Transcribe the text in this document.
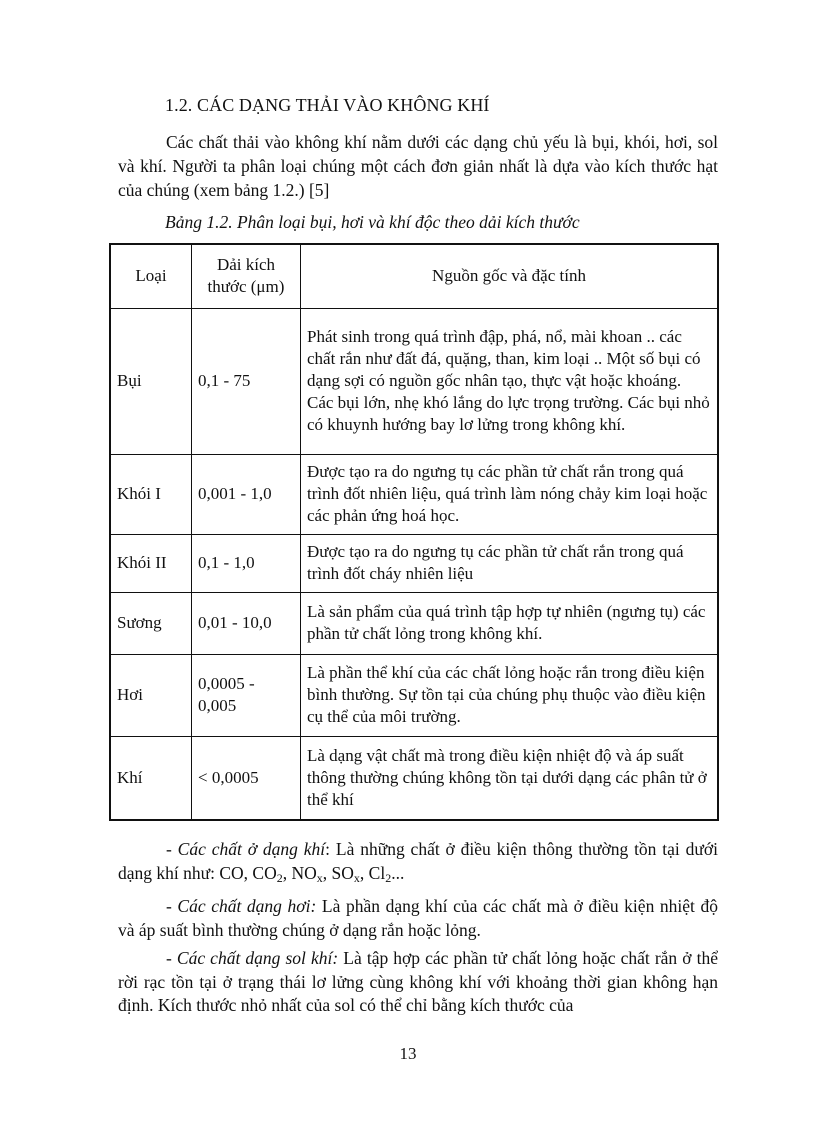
1.2. CÁC DẠNG THẢI VÀO KHÔNG KHÍ

Các chất thải vào không khí nằm dưới các dạng chủ yếu là bụi, khói, hơi, sol và khí. Người ta phân loại chúng một cách đơn giản nhất là dựa vào kích thước hạt của chúng (xem bảng 1.2.) [5]

Bảng 1.2. Phân loại bụi, hơi và khí độc theo dải kích thước
Loại	Dải kích thước (μm)	Nguồn gốc và đặc tính
Bụi	0,1 - 75	Phát sinh trong quá trình đập, phá, nổ, mài khoan .. các chất rắn như đất đá, quặng, than, kim loại .. Một số bụi có dạng sợi có nguồn gốc nhân tạo, thực vật hoặc khoáng. Các bụi lớn, nhẹ khó lắng do lực trọng trường. Các bụi nhỏ có khuynh hướng bay lơ lửng trong không khí.
Khói I	0,001 - 1,0	Được tạo ra do ngưng tụ các phần tử chất rắn trong quá trình đốt nhiên liệu, quá trình làm nóng chảy kim loại hoặc các phản ứng hoá học.
Khói II	0,1 - 1,0	Được tạo ra do ngưng tụ các phần tử chất rắn trong quá trình đốt cháy nhiên liệu
Sương	0,01 - 10,0	Là sản phẩm của quá trình tập hợp tự nhiên (ngưng tụ) các phần tử chất lỏng trong không khí.
Hơi	0,0005 - 0,005	Là phần thể khí của các chất lỏng hoặc rắn trong điều kiện bình thường. Sự tồn tại của chúng phụ thuộc vào điều kiện cụ thể của môi trường.
Khí	< 0,0005	Là dạng vật chất mà trong điều kiện nhiệt độ và áp suất thông thường chúng không tồn tại dưới dạng các phân tử ở thể khí

- Các chất ở dạng khí: Là những chất ở điều kiện thông thường tồn tại dưới dạng khí như: CO, $CO_2$, $NO_x$, $SO_x$, $Cl_2$...

- Các chất dạng hơi: Là phần dạng khí của các chất mà ở điều kiện nhiệt độ và áp suất bình thường chúng ở dạng rắn hoặc lỏng.

- Các chất dạng sol khí: Là tập hợp các phần tử chất lỏng hoặc chất rắn ở thể rời rạc tồn tại ở trạng thái lơ lửng cùng không khí với khoảng thời gian không hạn định. Kích thước nhỏ nhất của sol có thể chỉ bằng kích thước của

13
